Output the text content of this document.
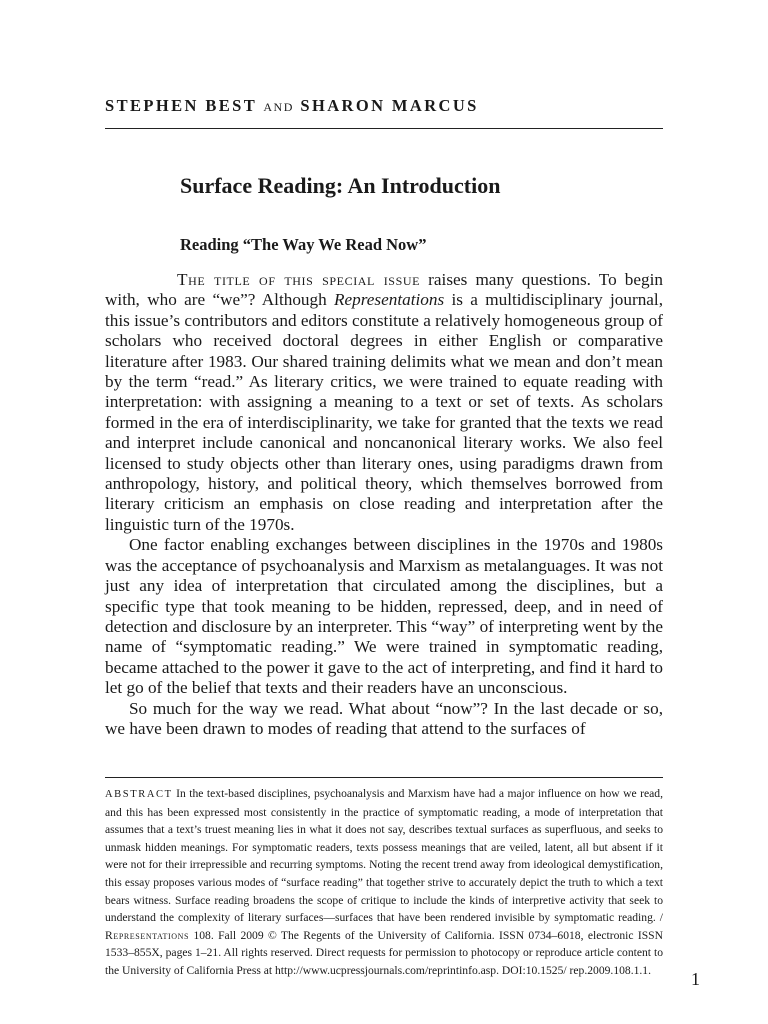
STEPHEN BEST AND SHARON MARCUS
Surface Reading: An Introduction
Reading “The Way We Read Now”

The title of this special issue raises many questions. To begin with, who are “we”? Although Representations is a multidisciplinary journal, this issue’s contributors and editors constitute a relatively homogeneous group of scholars who received doctoral degrees in either English or comparative literature after 1983. Our shared training delimits what we mean and don’t mean by the term “read.” As literary critics, we were trained to equate reading with interpretation: with assigning a meaning to a text or set of texts. As scholars formed in the era of interdisciplinarity, we take for granted that the texts we read and interpret include canonical and noncanonical literary works. We also feel licensed to study objects other than literary ones, using paradigms drawn from anthropology, history, and political theory, which themselves borrowed from literary criticism an emphasis on close reading and interpretation after the linguistic turn of the 1970s.

One factor enabling exchanges between disciplines in the 1970s and 1980s was the acceptance of psychoanalysis and Marxism as metalanguages. It was not just any idea of interpretation that circulated among the disciplines, but a specific type that took meaning to be hidden, repressed, deep, and in need of detection and disclosure by an interpreter. This “way” of interpreting went by the name of “symptomatic reading.” We were trained in symptomatic reading, became attached to the power it gave to the act of interpreting, and find it hard to let go of the belief that texts and their readers have an unconscious.

So much for the way we read. What about “now”? In the last decade or so, we have been drawn to modes of reading that attend to the surfaces of

ABSTRACT In the text-based disciplines, psychoanalysis and Marxism have had a major influence on how we read, and this has been expressed most consistently in the practice of symptomatic reading, a mode of interpretation that assumes that a text’s truest meaning lies in what it does not say, describes textual surfaces as superfluous, and seeks to unmask hidden meanings. For symptomatic readers, texts possess meanings that are veiled, latent, all but absent if it were not for their irrepressible and recurring symptoms. Noting the recent trend away from ideological demystification, this essay proposes various modes of “surface reading” that together strive to accurately depict the truth to which a text bears witness. Surface reading broadens the scope of critique to include the kinds of interpretive activity that seek to understand the complexity of literary surfaces—surfaces that have been rendered invisible by symptomatic reading. / Representations 108. Fall 2009 © The Regents of the University of California. ISSN 0734–6018, electronic ISSN 1533–855X, pages 1–21. All rights reserved. Direct requests for permission to photocopy or reproduce article content to the University of California Press at http://www.ucpressjournals.com/reprintinfo.asp. DOI:10.1525/ rep.2009.108.1.1.	1
